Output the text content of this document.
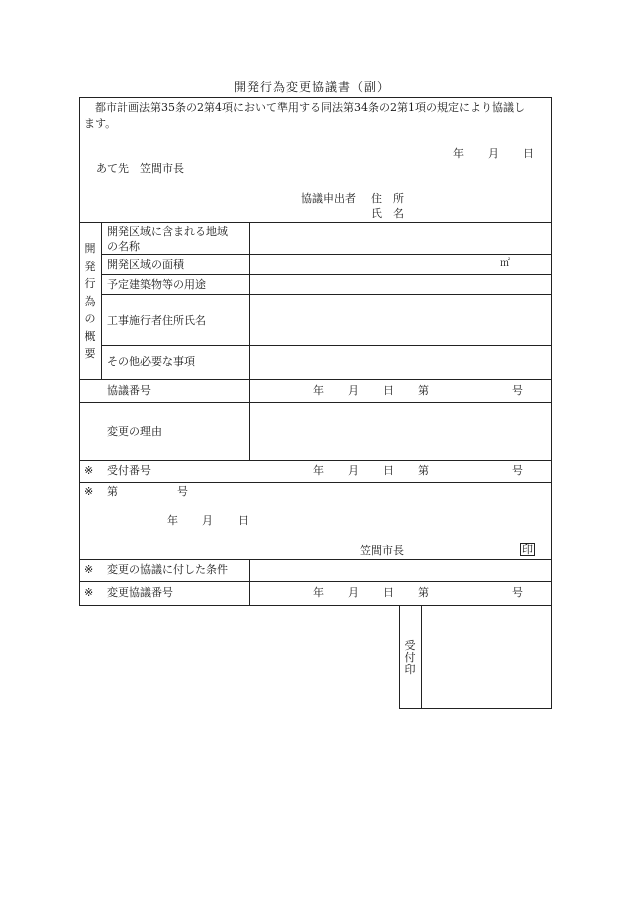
開発行為変更協議書（副）
都市計画法第35条の2第4項において準用する同法第34条の2第1項の規定により協議し
ます。
年 月 日
あて先　笠間市長
協議申出者 住　所
氏　名
開
発
行
為
の
概
要
開発区域に含まれる地域
の名称
開発区域の面積	㎡
予定建築物等の用途
工事施行者住所氏名
その他必要な事項
協議番号	年 月 日 第	号
変更の理由
※ 受付番号	年 月 日 第	号
※ 第	号
年 月 日
笠間市長	印
※ 変更の協議に付した条件
※ 変更協議番号	年 月 日 第	号
受
付
印
